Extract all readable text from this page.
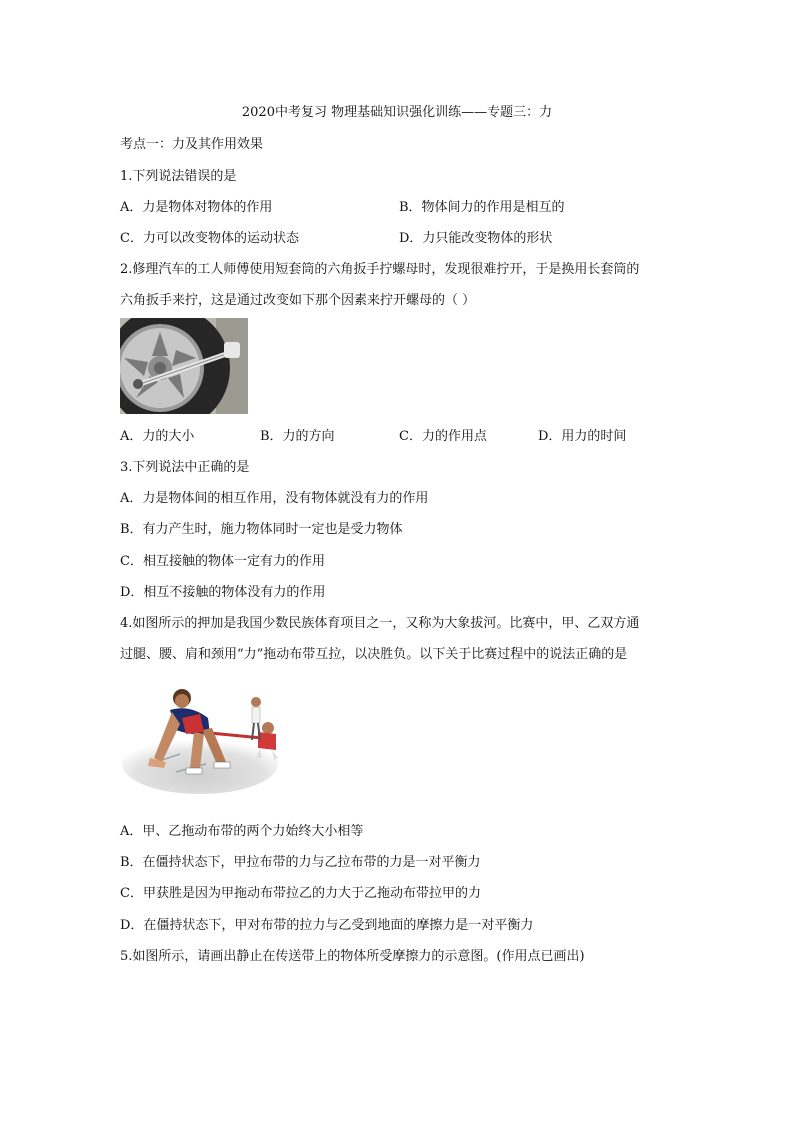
2020中考复习 物理基础知识强化训练——专题三：力
考点一：力及其作用效果
1.下列说法错误的是
A．力是物体对物体的作用	B．物体间力的作用是相互的
C．力可以改变物体的运动状态	D．力只能改变物体的形状
2.修理汽车的工人师傅使用短套筒的六角扳手拧螺母时，发现很难拧开，于是换用长套筒的
六角扳手来拧，这是通过改变如下那个因素来拧开螺母的（ ）
A．力的大小	B．力的方向	C．力的作用点	D．用力的时间
3.下列说法中正确的是
A．力是物体间的相互作用，没有物体就没有力的作用
B．有力产生时，施力物体同时一定也是受力物体
C．相互接触的物体一定有力的作用
D．相互不接触的物体没有力的作用
4.如图所示的押加是我国少数民族体育项目之一，又称为大象拔河。比赛中，甲、乙双方通
过腿、腰、肩和颈用“力”拖动布带互拉，以决胜负。以下关于比赛过程中的说法正确的是
A．甲、乙拖动布带的两个力始终大小相等
B．在僵持状态下，甲拉布带的力与乙拉布带的力是一对平衡力
C．甲获胜是因为甲拖动布带拉乙的力大于乙拖动布带拉甲的力
D．在僵持状态下，甲对布带的拉力与乙受到地面的摩擦力是一对平衡力
5.如图所示，请画出静止在传送带上的物体所受摩擦力的示意图。(作用点已画出)
